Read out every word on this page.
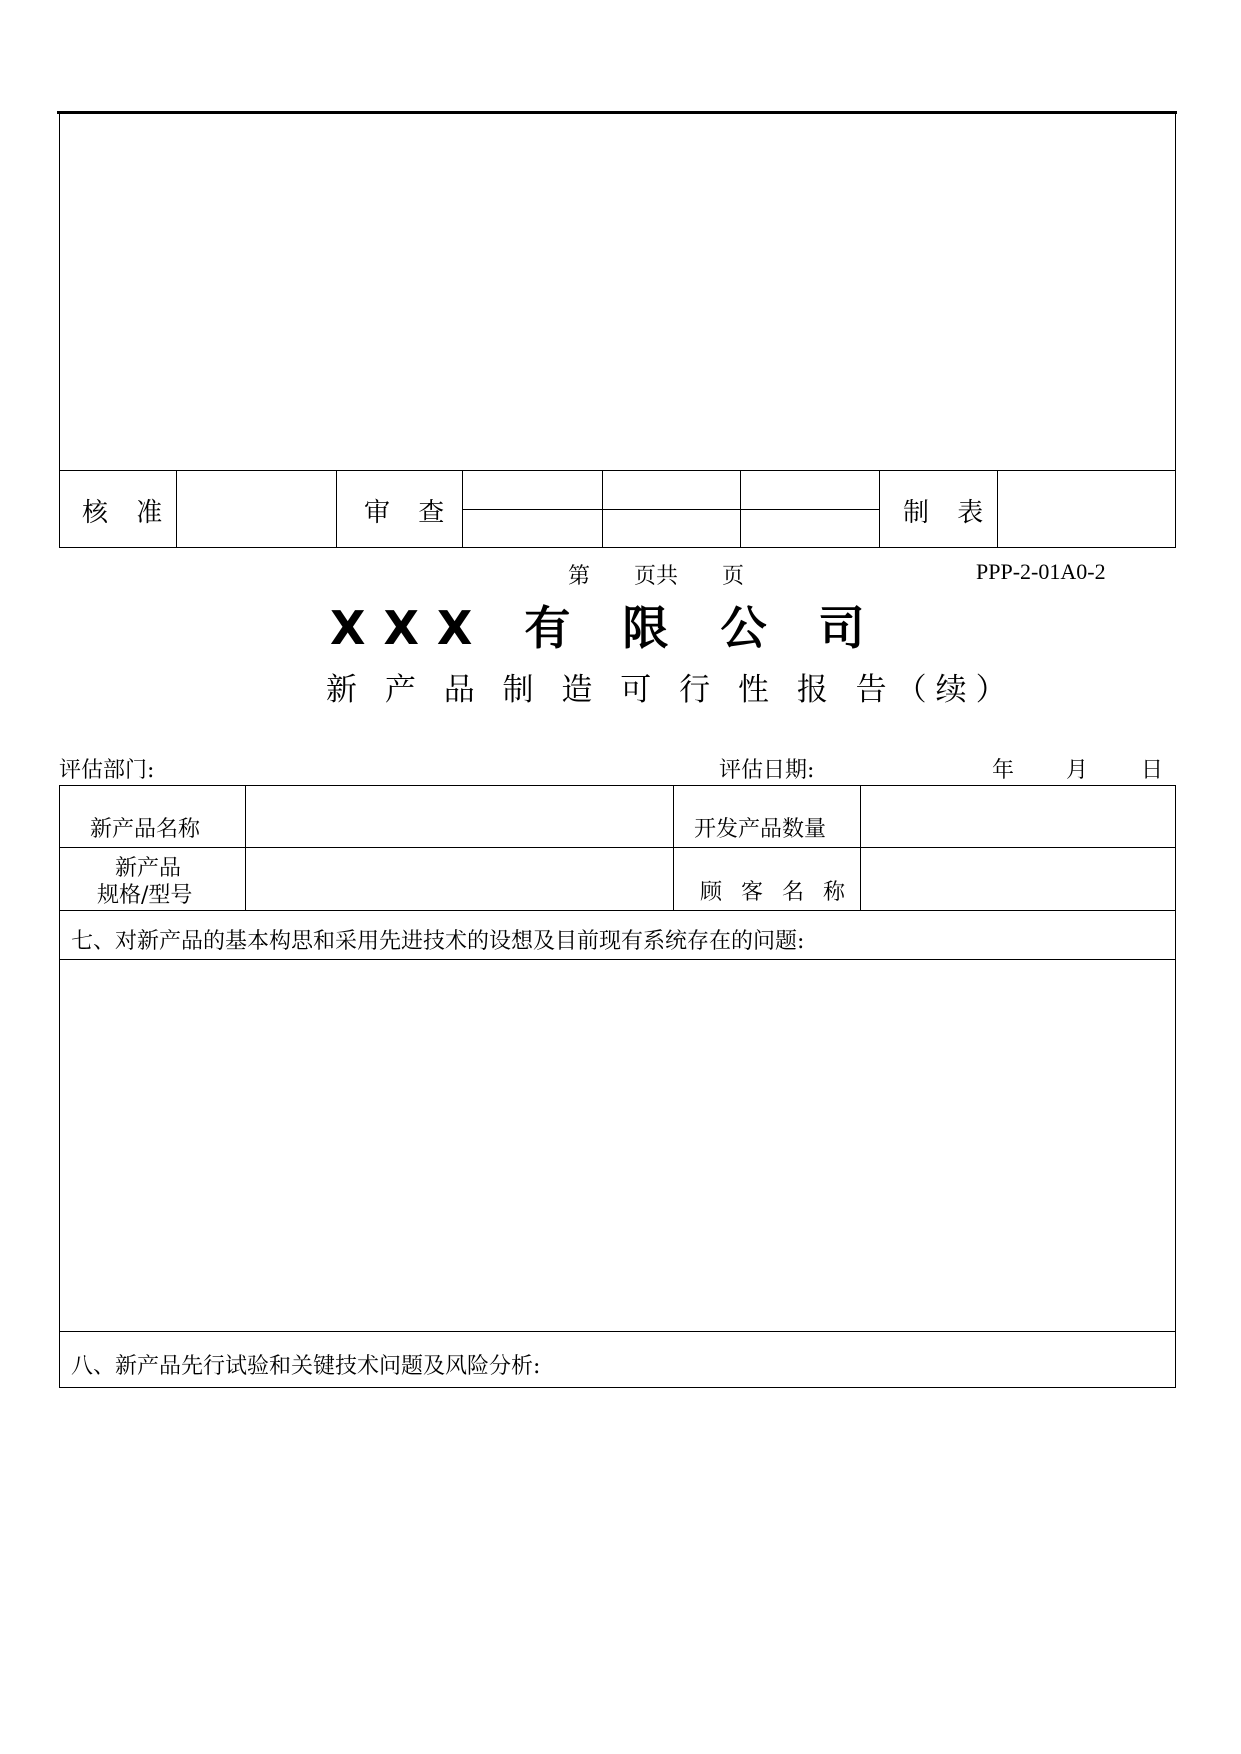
核 准	审 查	制 表
第　　页共　　页	PPP-2-01A0-2
XXX 有 限 公 司
新 产 品 制 造 可 行 性 报 告（续）
评估部门:	评估日期:	年 月 日
新产品名称	开发产品数量
新产品
规格/型号	顾 客 名 称
七、对新产品的基本构思和采用先进技术的设想及目前现有系统存在的问题:
八、新产品先行试验和关键技术问题及风险分析:
